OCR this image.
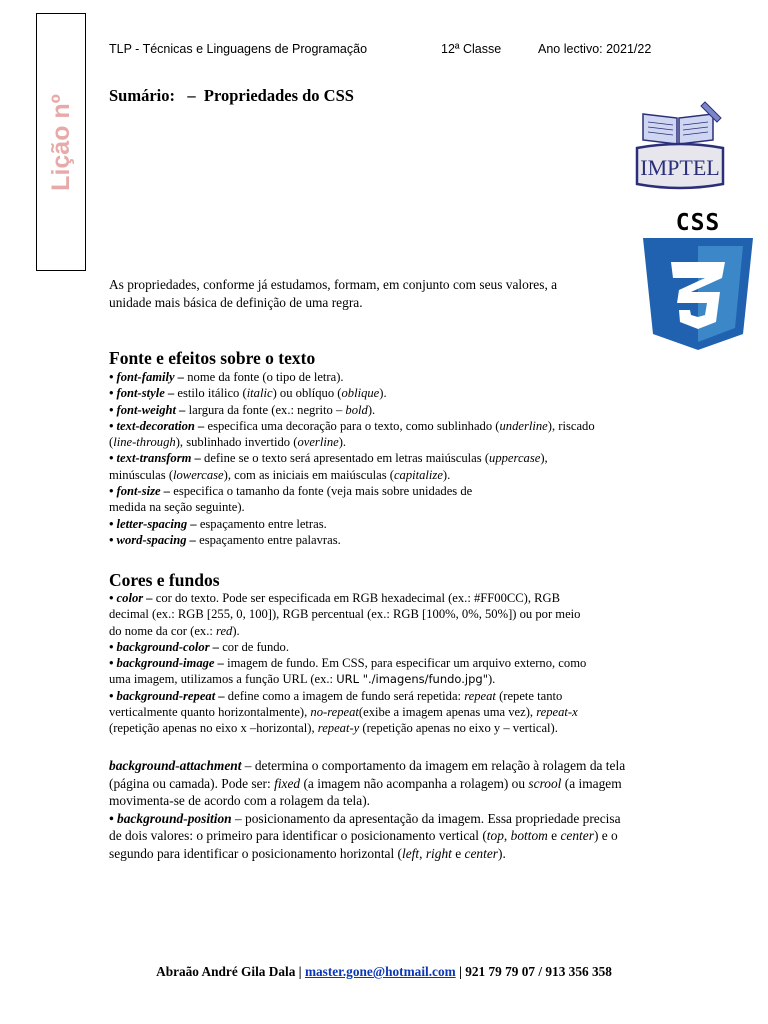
Lição nº
TLP - Técnicas e Linguagens de Programação	12ª Classe	Ano lectivo: 2021/22
Sumário: – Propriedades do CSS
IMPTEL
CSS
As propriedades, conforme já estudamos, formam, em conjunto com seus valores, a
unidade mais básica de definição de uma regra.
Fonte e efeitos sobre o texto
• font-family – nome da fonte (o tipo de letra).
• font-style – estilo itálico (italic) ou oblíquo (oblique).
• font-weight – largura da fonte (ex.: negrito – bold).
• text-decoration – especifica uma decoração para o texto, como sublinhado (underline), riscado
(line-through), sublinhado invertido (overline).
• text-transform – define se o texto será apresentado em letras maiúsculas (uppercase),
minúsculas (lowercase), com as iniciais em maiúsculas (capitalize).
• font-size – especifica o tamanho da fonte (veja mais sobre unidades de
medida na seção seguinte).
• letter-spacing – espaçamento entre letras.
• word-spacing – espaçamento entre palavras.
Cores e fundos
• color – cor do texto. Pode ser especificada em RGB hexadecimal (ex.: #FF00CC), RGB
decimal (ex.: RGB [255, 0, 100]), RGB percentual (ex.: RGB [100%, 0%, 50%]) ou por meio
do nome da cor (ex.: red).
• background-color – cor de fundo.
• background-image – imagem de fundo. Em CSS, para especificar um arquivo externo, como
uma imagem, utilizamos a função URL (ex.: URL "./imagens/fundo.jpg").
• background-repeat – define como a imagem de fundo será repetida: repeat (repete tanto
verticalmente quanto horizontalmente), no-repeat(exibe a imagem apenas uma vez), repeat-x
(repetição apenas no eixo x –horizontal), repeat-y (repetição apenas no eixo y – vertical).
background-attachment – determina o comportamento da imagem em relação à rolagem da tela (página ou camada). Pode ser: fixed (a imagem não acompanha a rolagem) ou scrool (a imagem movimenta-se de acordo com a rolagem da tela).
• background-position – posicionamento da apresentação da imagem. Essa propriedade precisa de dois valores: o primeiro para identificar o posicionamento vertical (top, bottom e center) e o segundo para identificar o posicionamento horizontal (left, right e center).
Abraão André Gila Dala | master.gone@hotmail.com | 921 79 79 07 / 913 356 358
